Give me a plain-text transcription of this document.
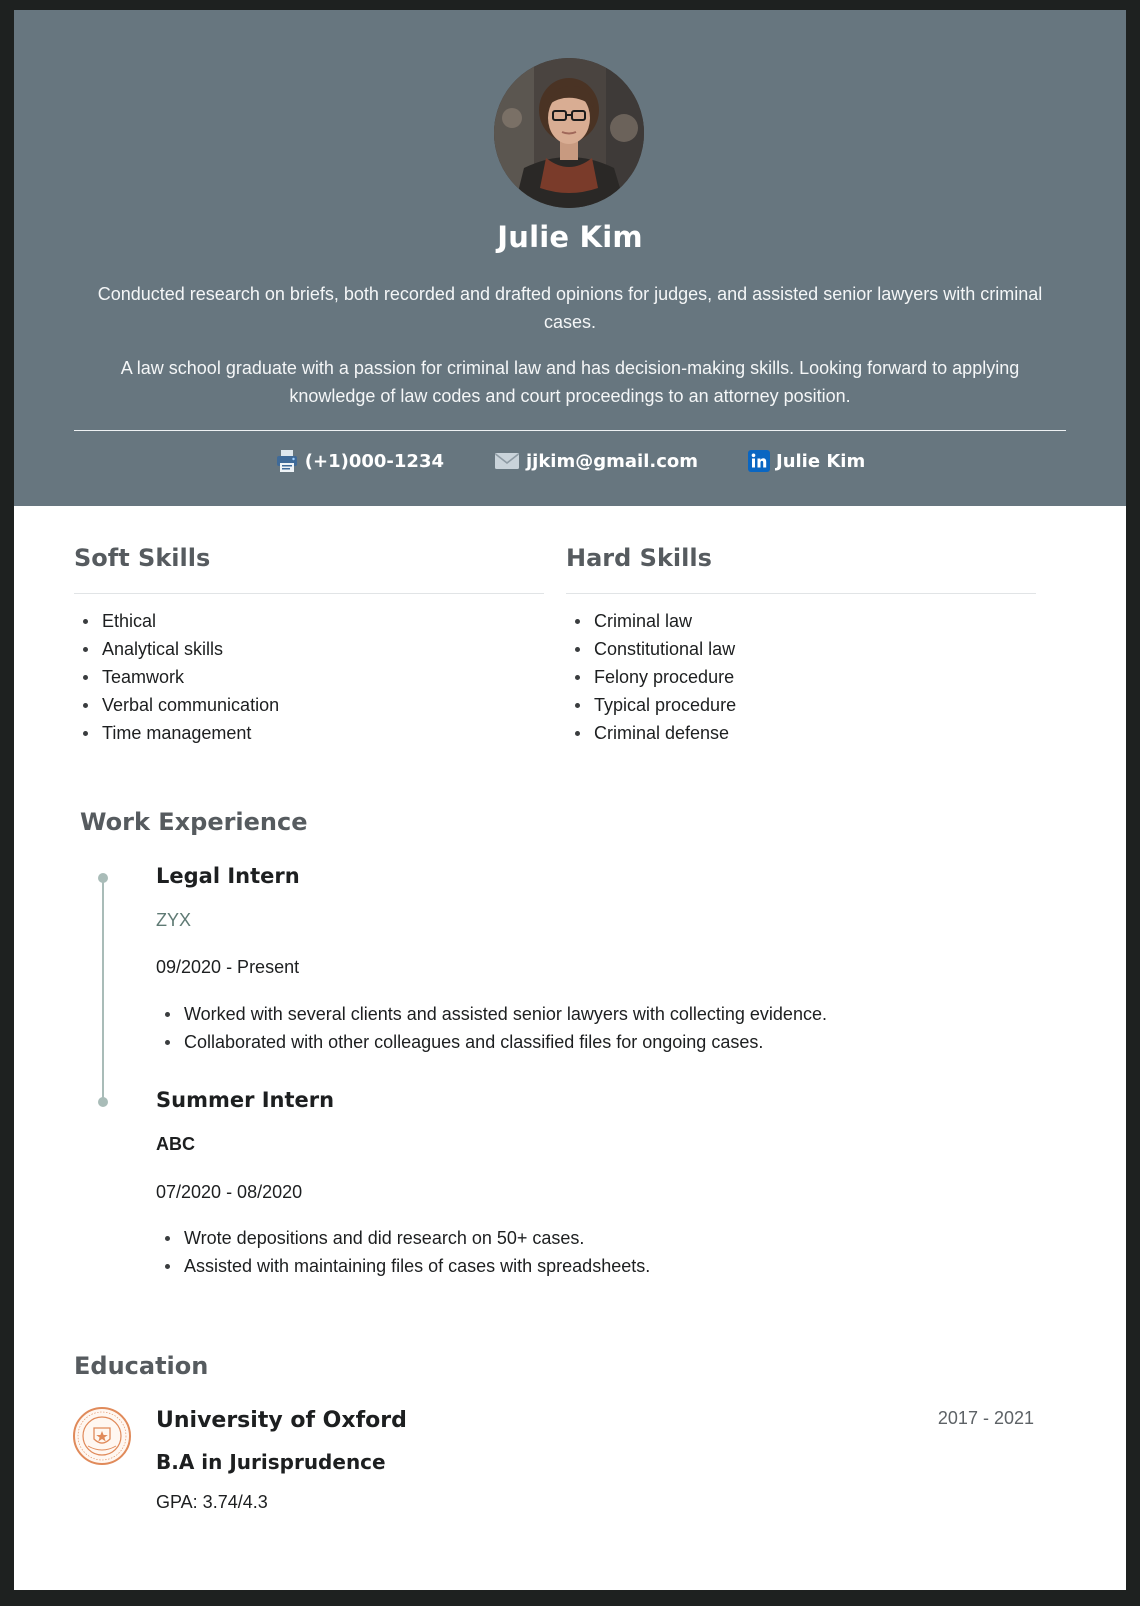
Julie Kim
Conducted research on briefs, both recorded and drafted opinions for judges, and assisted senior lawyers with criminal cases.
A law school graduate with a passion for criminal law and has decision-making skills. Looking forward to applying knowledge of law codes and court proceedings to an attorney position.
(+1)000-1234	jjkim@gmail.com	Julie Kim
Soft Skills
Ethical
Analytical skills
Teamwork
Verbal communication
Time management
Hard Skills
Criminal law
Constitutional law
Felony procedure
Typical procedure
Criminal defense
Work Experience
Legal Intern
ZYX
09/2020 - Present
Worked with several clients and assisted senior lawyers with collecting evidence.
Collaborated with other colleagues and classified files for ongoing cases.
Summer Intern
ABC
07/2020 - 08/2020
Wrote depositions and did research on 50+ cases.
Assisted with maintaining files of cases with spreadsheets.
Education
University of Oxford
B.A in Jurisprudence
GPA: 3.74/4.3
2017 - 2021
